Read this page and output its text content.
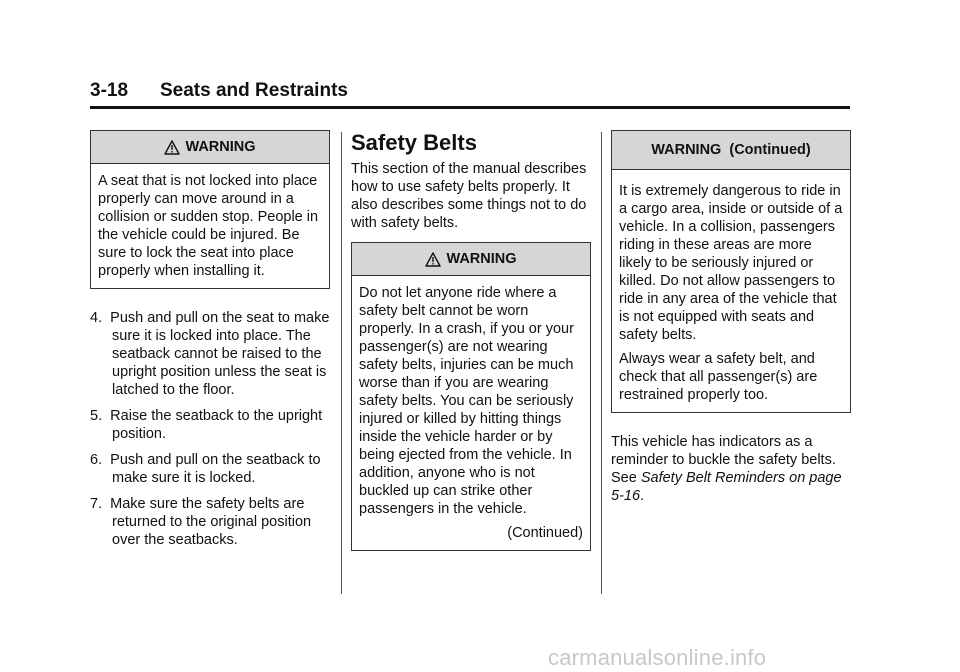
3-18 Seats and Restraints
WARNING

A seat that is not locked into place properly can move around in a collision or sudden stop. People in the vehicle could be injured. Be sure to lock the seat into place properly when installing it.

4. Push and pull on the seat to make sure it is locked into place. The seatback cannot be raised to the upright position unless the seat is latched to the floor.
5. Raise the seatback to the upright position.
6. Push and pull on the seatback to make sure it is locked.
7. Make sure the safety belts are returned to the original position over the seatbacks.
Safety Belts

This section of the manual describes how to use safety belts properly. It also describes some things not to do with safety belts.

WARNING

Do not let anyone ride where a safety belt cannot be worn properly. In a crash, if you or your passenger(s) are not wearing safety belts, injuries can be much worse than if you are wearing safety belts. You can be seriously injured or killed by hitting things inside the vehicle harder or by being ejected from the vehicle. In addition, anyone who is not buckled up can strike other passengers in the vehicle.

(Continued)
WARNING  (Continued)

It is extremely dangerous to ride in a cargo area, inside or outside of a vehicle. In a collision, passengers riding in these areas are more likely to be seriously injured or killed. Do not allow passengers to ride in any area of the vehicle that is not equipped with seats and safety belts.

Always wear a safety belt, and check that all passenger(s) are restrained properly too.

This vehicle has indicators as a reminder to buckle the safety belts. See Safety Belt Reminders on page 5-16.

carmanualsonline.info
